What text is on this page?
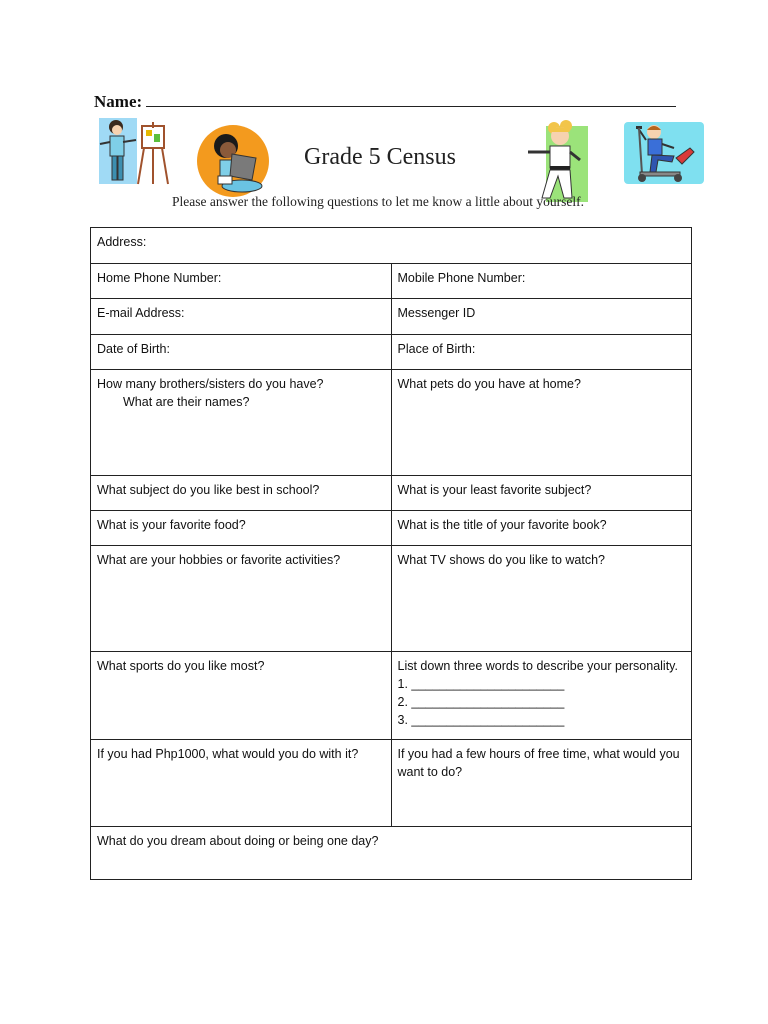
Name:
Grade 5 Census
Please answer the following questions to let me know a little about yourself.
Address:	
Home Phone Number:	Mobile Phone Number:
E-mail Address:	Messenger ID
Date of Birth:	Place of Birth:
How many brothers/sisters do you have?
What are their names?	What pets do you have at home?
What subject do you like best in school?	What is your least favorite subject?
What is your favorite food?	What is the title of your favorite book?
What are your hobbies or favorite activities?	What TV shows do you like to watch?
What sports do you like most?	List down three words to describe your personality.
1. ______________________
2. ______________________
3. ______________________

If you had Php1000, what would you do with it?	If you had a few hours of free time, what would you want to do?
What do you dream about doing or being one day?	
